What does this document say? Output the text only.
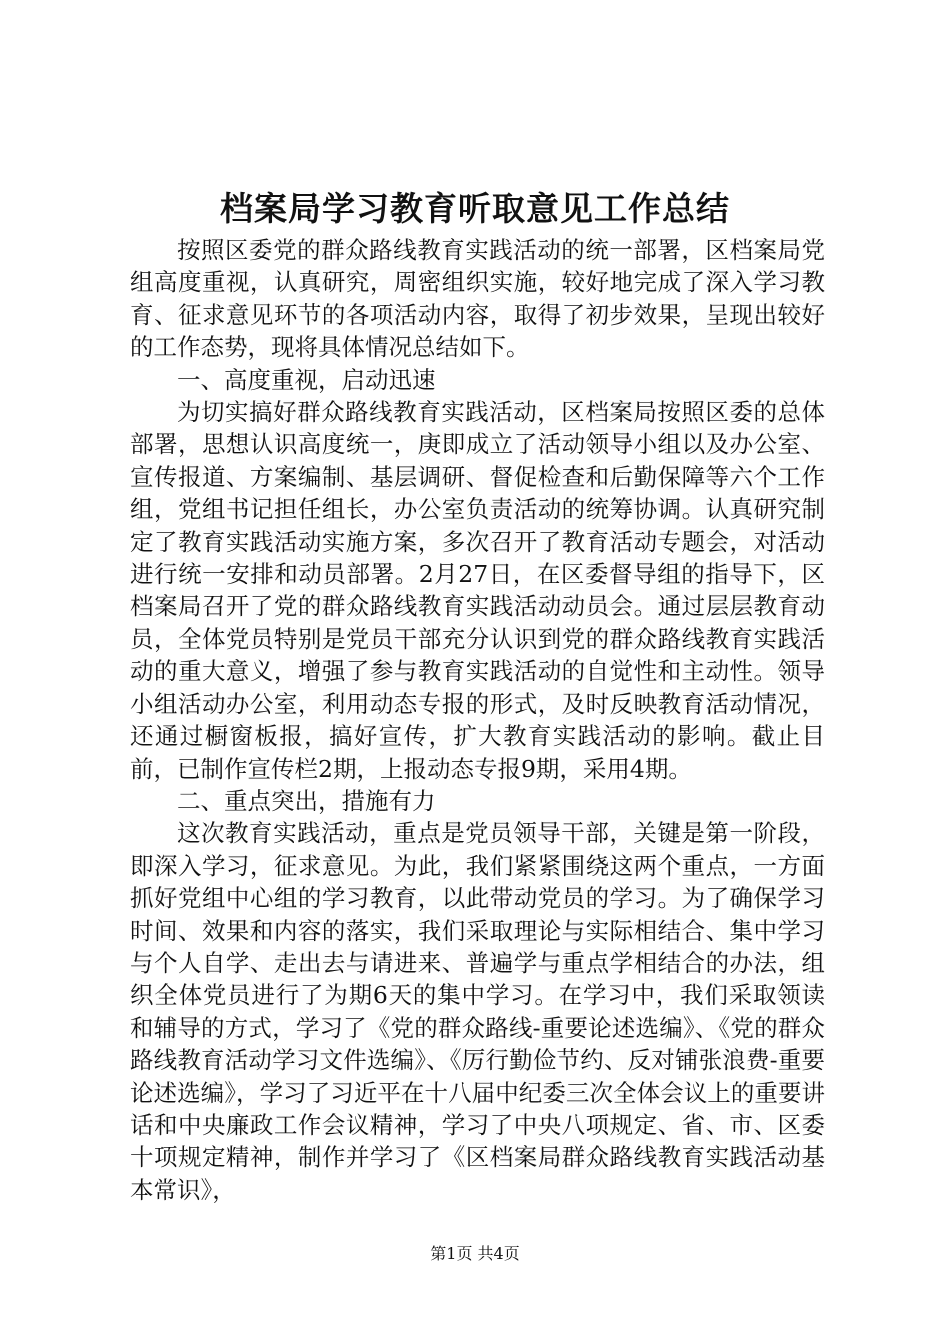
档案局学习教育听取意见工作总结

按照区委党的群众路线教育实践活动的统一部署，区档案局党组高度重视，认真研究，周密组织实施，较好地完成了深入学习教育、征求意见环节的各项活动内容，取得了初步效果，呈现出较好的工作态势，现将具体情况总结如下。

一、高度重视，启动迅速

为切实搞好群众路线教育实践活动，区档案局按照区委的总体部署，思想认识高度统一，庚即成立了活动领导小组以及办公室、宣传报道、方案编制、基层调研、督促检查和后勤保障等六个工作组，党组书记担任组长，办公室负责活动的统筹协调。认真研究制定了教育实践活动实施方案，多次召开了教育活动专题会，对活动进行统一安排和动员部署。2月27日，在区委督导组的指导下，区档案局召开了党的群众路线教育实践活动动员会。通过层层教育动员，全体党员特别是党员干部充分认识到党的群众路线教育实践活动的重大意义，增强了参与教育实践活动的自觉性和主动性。领导小组活动办公室，利用动态专报的形式，及时反映教育活动情况，还通过橱窗板报，搞好宣传，扩大教育实践活动的影响。截止目前，已制作宣传栏2期，上报动态专报9期，采用4期。

二、重点突出，措施有力

这次教育实践活动，重点是党员领导干部，关键是第一阶段，即深入学习，征求意见。为此，我们紧紧围绕这两个重点，一方面抓好党组中心组的学习教育，以此带动党员的学习。为了确保学习时间、效果和内容的落实，我们采取理论与实际相结合、集中学习与个人自学、走出去与请进来、普遍学与重点学相结合的办法，组织全体党员进行了为期6天的集中学习。在学习中，我们采取领读和辅导的方式，学习了《党的群众路线-重要论述选编》、《党的群众路线教育活动学习文件选编》、《厉行勤俭节约、反对铺张浪费-重要论述选编》，学习了习近平在十八届中纪委三次全体会议上的重要讲话和中央廉政工作会议精神，学习了中央八项规定、省、市、区委十项规定精神，制作并学习了《区档案局群众路线教育实践活动基本常识》，

第1页 共4页
